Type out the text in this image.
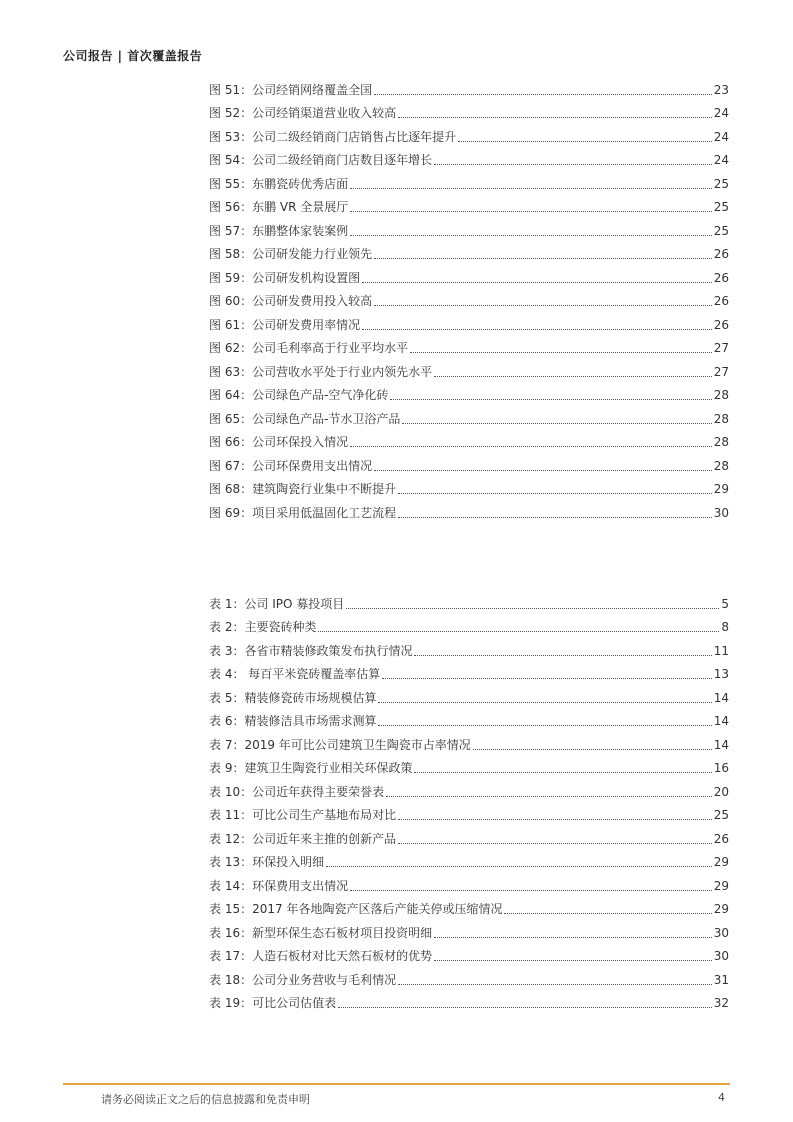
公司报告 | 首次覆盖报告
图 51：公司经销网络覆盖全国	23
图 52：公司经销渠道营业收入较高	24
图 53：公司二级经销商门店销售占比逐年提升	24
图 54：公司二级经销商门店数目逐年增长	24
图 55：东鹏瓷砖优秀店面	25
图 56：东鹏 VR 全景展厅	25
图 57：东鹏整体家装案例	25
图 58：公司研发能力行业领先	26
图 59：公司研发机构设置图	26
图 60：公司研发费用投入较高	26
图 61：公司研发费用率情况	26
图 62：公司毛利率高于行业平均水平	27
图 63：公司营收水平处于行业内领先水平	27
图 64：公司绿色产品-空气净化砖	28
图 65：公司绿色产品-节水卫浴产品	28
图 66：公司环保投入情况	28
图 67：公司环保费用支出情况	28
图 68：建筑陶瓷行业集中不断提升	29
图 69：项目采用低温固化工艺流程	30
表 1：公司 IPO 募投项目	5
表 2：主要瓷砖种类	8
表 3：各省市精装修政策发布执行情况	11
表 4： 每百平米瓷砖覆盖率估算	13
表 5：精装修瓷砖市场规模估算	14
表 6：精装修洁具市场需求测算	14
表 7：2019 年可比公司建筑卫生陶瓷市占率情况	14
表 9：建筑卫生陶瓷行业相关环保政策	16
表 10：公司近年获得主要荣誉表	20
表 11：可比公司生产基地布局对比	25
表 12：公司近年来主推的创新产品	26
表 13：环保投入明细	29
表 14：环保费用支出情况	29
表 15：2017 年各地陶瓷产区落后产能关停或压缩情况	29
表 16：新型环保生态石板材项目投资明细	30
表 17：人造石板材对比天然石板材的优势	30
表 18：公司分业务营收与毛利情况	31
表 19：可比公司估值表	32
请务必阅读正文之后的信息披露和免责申明	4
